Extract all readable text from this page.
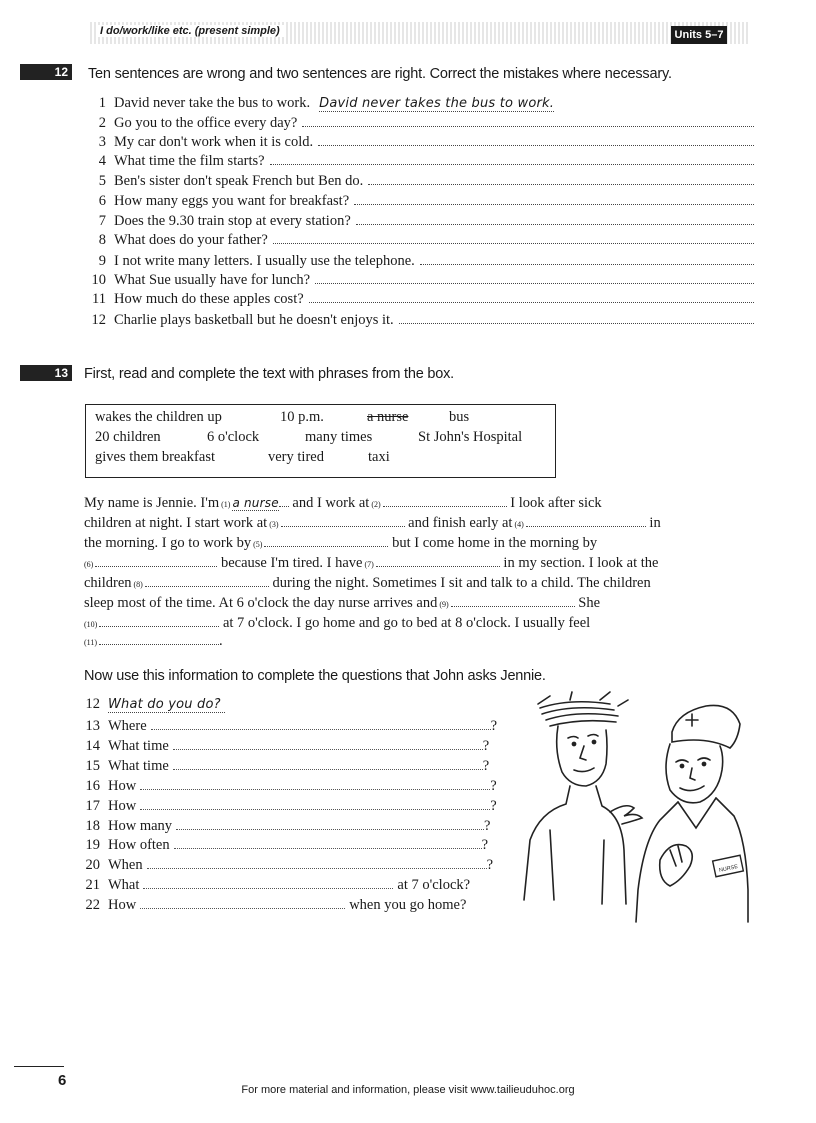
I do/work/like etc. (present simple)	Units 5–7
12 Ten sentences are wrong and two sentences are right. Correct the mistakes where necessary.
1 David never take the bus to work. David never takes the bus to work.
2 Go you to the office every day?
3 My car don't work when it is cold.
4 What time the film starts?
5 Ben's sister don't speak French but Ben do.
6 How many eggs you want for breakfast?
7 Does the 9.30 train stop at every station?
8 What does do your father?
9 I not write many letters. I usually use the telephone.
10 What Sue usually have for lunch?
11 How much do these apples cost?
12 Charlie plays basketball but he doesn't enjoys it.
13 First, read and complete the text with phrases from the box.
wakes the children up	10 p.m.	a nurse	bus
20 children	6 o'clock	many times	St John's Hospital
gives them breakfast	very tired	taxi
My name is Jennie. I'm (1) a nurse and I work at (2)	I look after sick
children at night. I start work at (3)	and finish early at (4)	in
the morning. I go to work by (5)	but I come home in the morning by
(6)	because I'm tired. I have (7)	in my section. I look at the
children (8)	during the night. Sometimes I sit and talk to a child. The children
sleep most of the time. At 6 o'clock the day nurse arrives and (9)	She
(10)	at 7 o'clock. I go home and go to bed at 8 o'clock. I usually feel
(11)	.
Now use this information to complete the questions that John asks Jennie.
12 What do you do?
13 Where	?
14 What time	?
15 What time	?
16 How	?
17 How	?
18 How many	?
19 How often	?
20 When	?
21 What	at 7 o'clock?
22 How	when you go home?
NURSE
6
For more material and information, please visit www.tailieuduhoc.org
